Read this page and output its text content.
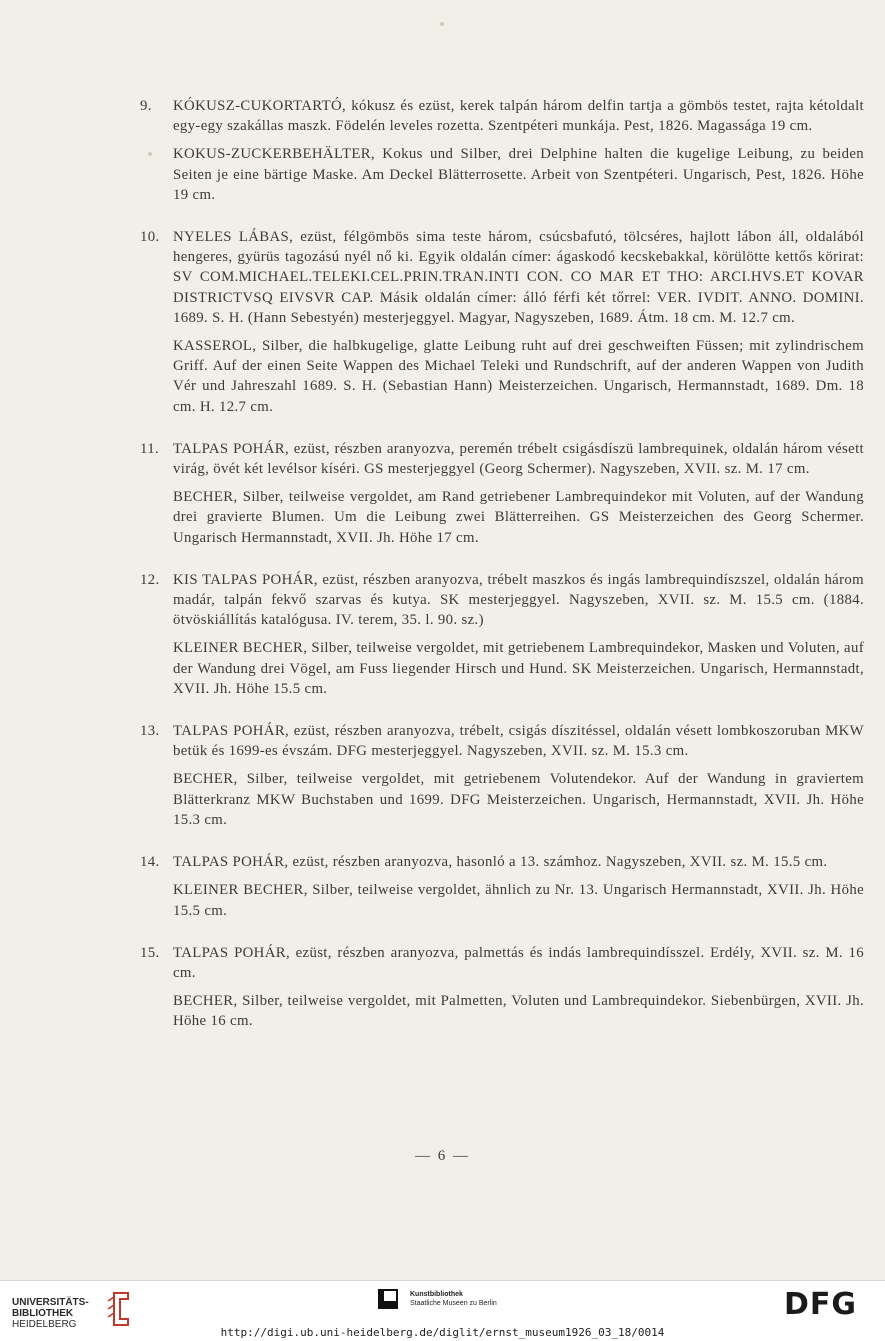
9.	KÓKUSZ-CUKORTARTÓ, kókusz és ezüst, kerek talpán három delfin tartja a gömbös testet, rajta kétoldalt egy-egy szakállas maszk. Födelén leveles rozetta. Szentpéteri munkája. Pest, 1826. Magassága 19 cm.

KOKUS-ZUCKERBEHÄLTER, Kokus und Silber, drei Delphine halten die kugelige Leibung, zu beiden Seiten je eine bärtige Maske. Am Deckel Blätterrosette. Arbeit von Szentpéteri. Ungarisch, Pest, 1826. Höhe 19 cm.

10. NYELES LÁBAS, ezüst, félgömbös sima teste három, csúcsbafutó, tölcséres, hajlott lábon áll, oldalából hengeres, gyürüs tagozású nyél nő ki. Egyik oldalán címer: ágaskodó kecskebakkal, körülötte kettős körirat: SV COM.MICHAEL.TELEKI.CEL.PRIN.TRAN.INTI CON. CO MAR ET THO: ARCI.HVS.ET KOVAR DISTRICTVSQ EIVSVR CAP. Másik oldalán címer: álló férfi két tőrrel: VER. IVDIT. ANNO. DOMINI. 1689. S. H. (Hann Sebestyén) mesterjeggyel. Magyar, Nagyszeben, 1689. Átm. 18 cm. M. 12.7 cm.

KASSEROL, Silber, die halbkugelige, glatte Leibung ruht auf drei geschweiften Füssen; mit zylindrischem Griff. Auf der einen Seite Wappen des Michael Teleki und Rundschrift, auf der anderen Wappen von Judith Vér und Jahreszahl 1689. S. H. (Sebastian Hann) Meisterzeichen. Ungarisch, Hermannstadt, 1689. Dm. 18 cm. H. 12.7 cm.

11. TALPAS POHÁR, ezüst, részben aranyozva, peremén trébelt csigásdíszü lambrequinek, oldalán három vésett virág, övét két levélsor kíséri. GS mesterjeggyel (Georg Schermer). Nagyszeben, XVII. sz. M. 17 cm.

BECHER, Silber, teilweise vergoldet, am Rand getriebener Lambrequindekor mit Voluten, auf der Wandung drei gravierte Blumen. Um die Leibung zwei Blätterreihen. GS Meisterzeichen des Georg Schermer. Ungarisch Hermannstadt, XVII. Jh. Höhe 17 cm.

12. KIS TALPAS POHÁR, ezüst, részben aranyozva, trébelt maszkos és ingás lambrequindíszszel, oldalán három madár, talpán fekvő szarvas és kutya. SK mesterjeggyel. Nagyszeben, XVII. sz. M. 15.5 cm. (1884. ötvöskiállítás katalógusa. IV. terem, 35. l. 90. sz.)

KLEINER BECHER, Silber, teilweise vergoldet, mit getriebenem Lambrequindekor, Masken und Voluten, auf der Wandung drei Vögel, am Fuss liegender Hirsch und Hund. SK Meisterzeichen. Ungarisch, Hermannstadt, XVII. Jh. Höhe 15.5 cm.

13. TALPAS POHÁR, ezüst, részben aranyozva, trébelt, csigás díszitéssel, oldalán vésett lombkoszoruban MKW betük és 1699-es évszám. DFG mesterjeggyel. Nagyszeben, XVII. sz. M. 15.3 cm.

BECHER, Silber, teilweise vergoldet, mit getriebenem Volutendekor. Auf der Wandung in graviertem Blätterkranz MKW Buchstaben und 1699. DFG Meisterzeichen. Ungarisch, Hermannstadt, XVII. Jh. Höhe 15.3 cm.

14. TALPAS POHÁR, ezüst, részben aranyozva, hasonló a 13. számhoz. Nagyszeben, XVII. sz. M. 15.5 cm.

KLEINER BECHER, Silber, teilweise vergoldet, ähnlich zu Nr. 13. Ungarisch Hermannstadt, XVII. Jh. Höhe 15.5 cm.

15. TALPAS POHÁR, ezüst, részben aranyozva, palmettás és indás lambrequindísszel. Erdély, XVII. sz. M. 16 cm.

BECHER, Silber, teilweise vergoldet, mit Palmetten, Voluten und Lambrequindekor. Siebenbürgen, XVII. Jh. Höhe 16 cm.

— 6 —
UNIVERSITÄTS-
BIBLIOTHEK
HEIDELBERG
Kunstbibliothek
Staatliche Museen zu Berlin	DFG
http://digi.ub.uni-heidelberg.de/diglit/ernst_museum1926_03_18/0014
